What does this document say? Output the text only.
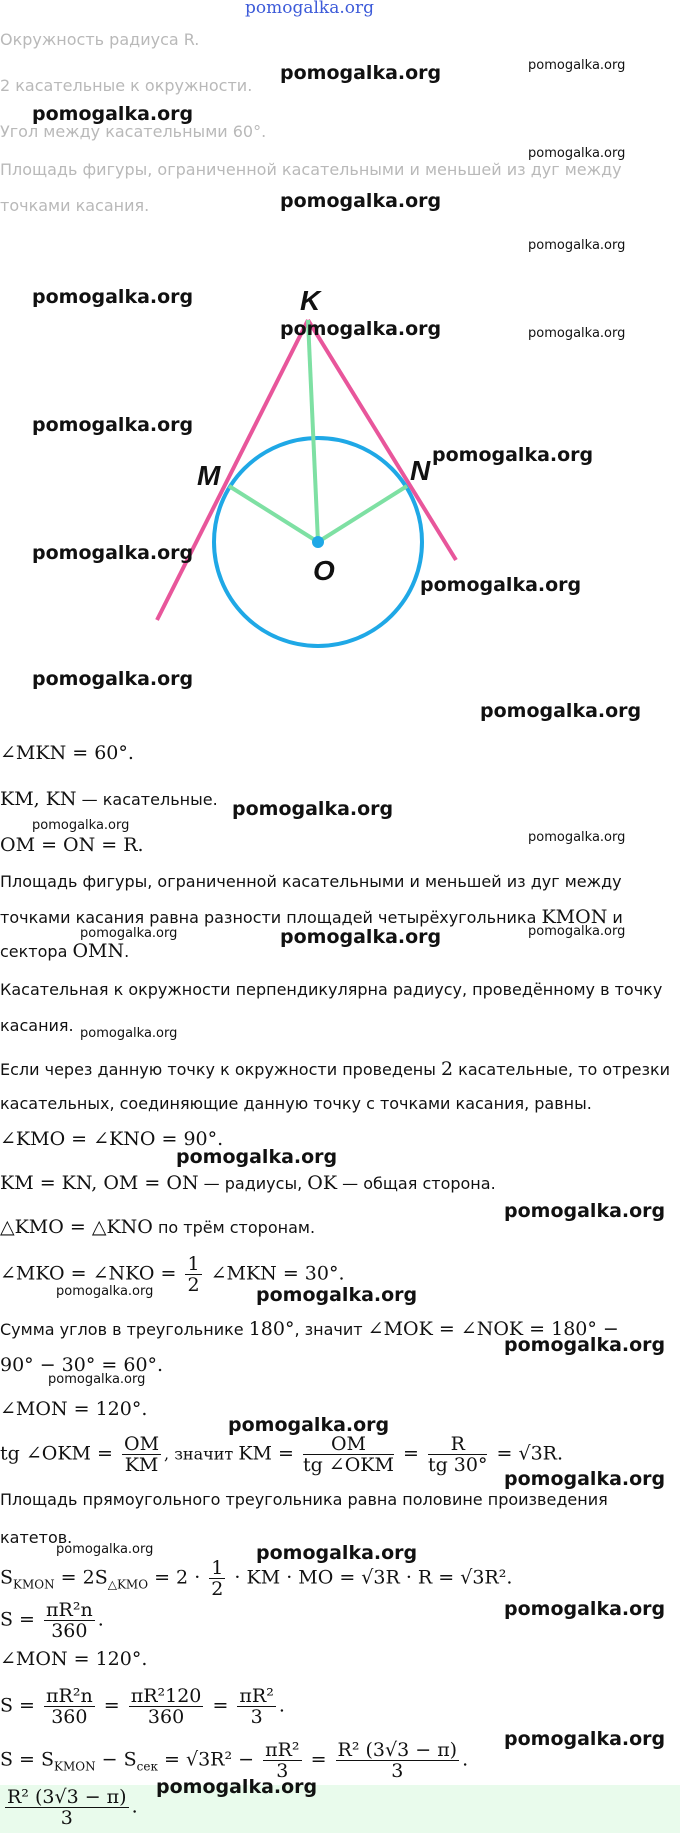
pomogalka.org
Окружность радиуса R.
2 касательные к окружности.
Угол между касательными 60°.
Площадь фигуры, ограниченной касательными и меньшей из дуг между
точками касания.
K
M	N
O
∠MKN = 60°.
KM, KN — касательные.
OM = ON = R.
Площадь фигуры, ограниченной касательными и меньшей из дуг между
точками касания равна разности площадей четырёхугольника KMON и
сектора OMN.
Касательная к окружности перпендикулярна радиусу, проведённому в точку
касания.
Если через данную точку к окружности проведены 2 касательные, то отрезки
касательных, соединяющие данную точку с точками касания, равны.
∠KMO = ∠KNO = 90°.
KM = KN, OM = ON — радиусы, OK — общая сторона.
△KMO = △KNO по трём сторонам.
∠MKO = ∠NKO = $\frac{1}{2}$ ∠MKN = 30°.
Сумма углов в треугольнике 180°, значит ∠MOK = ∠NOK = 180° −
90° − 30° = 60°.
∠MON = 120°.
tg ∠OKM = $\frac{OM}{KM}$ , значит KM = $\frac{OM}{\text{tg ∠OKM}} = \frac{R}{tg 30^\circ} = √3R$.
Площадь прямоугольного треугольника равна половине произведения
катетов.
$S_{KMON} = 2S_{\triangle KMO} = 2 \cdot \frac{1}{2}$ · KM · MO = √3R · R = √3R².
$S = \frac{\text{πR²n}}{360}$ .
∠MON = 120°.
$S = \frac{\text{πR²n}}{360} = \frac{\text{πR²120}}{360} = \frac{\text{πR²}}{3}$ .
$S = S_{KMON} - S_{сек} = √3R^2 - \frac{\text{πR²}}{3} = \frac{\text{R² (3√3 − π)}}{3}$ .
$\frac{\text{R² (3√3 − π)}}{3}$ .
pomogalka.org	pomogalka.org
pomogalka.org
pomogalka.org
pomogalka.org
pomogalka.org
pomogalka.org
pomogalka.org	pomogalka.org
pomogalka.org
pomogalka.org
pomogalka.org
pomogalka.org
pomogalka.org
pomogalka.org
pomogalka.org
pomogalka.org
pomogalka.org
pomogalka.org	pomogalka.org	pomogalka.org
pomogalka.org
pomogalka.org
pomogalka.org
pomogalka.org	pomogalka.org
pomogalka.org
pomogalka.org
pomogalka.org
pomogalka.org
pomogalka.org	pomogalka.org
pomogalka.org
pomogalka.org
pomogalka.org
